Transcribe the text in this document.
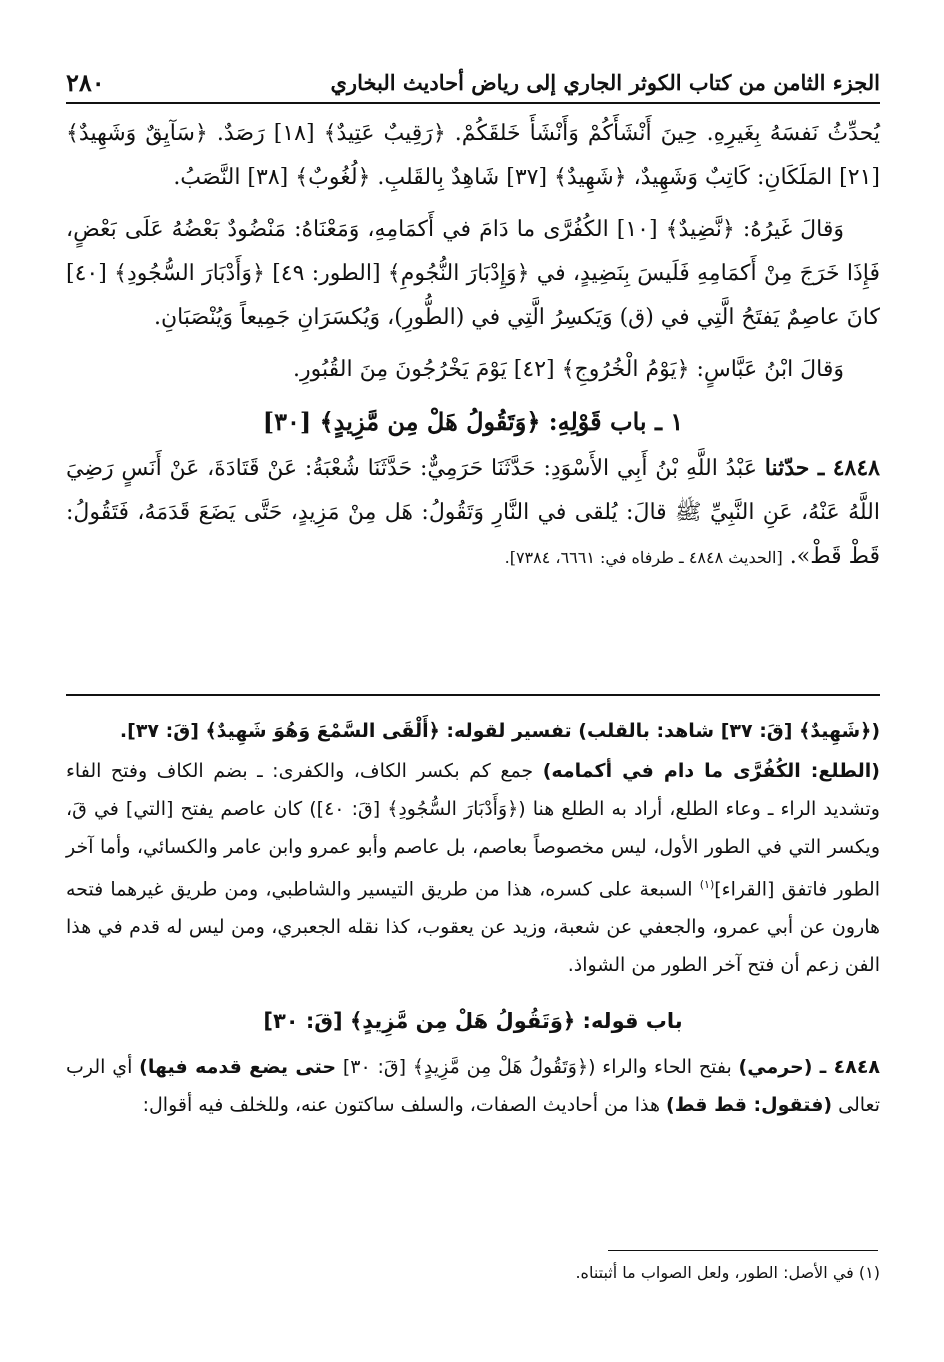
٢٨٠	الجزء الثامن من كتاب الكوثر الجاري إلى رياض أحاديث البخاري

يُحدِّثُ نَفسَهُ بِغَيرِهِ. حِينَ أَنْشَأَكُمْ وَأَنْشَأَ خَلقَكُمْ. ﴿رَقِيبٌ عَتِيدٌ﴾ [١٨] رَصَدٌ. ﴿سَآيِقٌ وَشَهِيدٌ﴾ [٢١] المَلَكَانِ: كَاتِبٌ وَشَهِيدٌ، ﴿شَهِيدٌ﴾ [٣٧] شَاهِدٌ بِالقَلبِ. ﴿لُغُوبٌ﴾ [٣٨] النَّصَبُ.

وَقالَ غَيرُهُ: ﴿نَّضِيدٌ﴾ [١٠] الكُفُرَّى ما دَامَ في أَكمَامِهِ، وَمَعْنَاهُ: مَنْضُودٌ بَعْضُهُ عَلَى بَعْضٍ، فَإِذَا خَرَجَ مِنْ أَكمَامِهِ فَلَيسَ بِنَضِيدٍ، في ﴿وَإِدْبَارَ النُّجُومِ﴾ [الطور: ٤٩] ﴿وَأَدْبَارَ السُّجُودِ﴾ [٤٠] كانَ عاصِمٌ يَفتَحُ الَّتِي في (ق) وَيَكسِرُ الَّتِي في (الطُّورِ)، وَيُكسَرَانِ جَمِيعاً وَيُنْصَبَانِ.

وَقالَ ابْنُ عَبَّاسٍ: ﴿يَوْمُ الْخُرُوجِ﴾ [٤٢] يَوْمَ يَخْرُجُونَ مِنَ القُبُورِ.

١ ـ باب قَوْلِهِ: ﴿وَتَقُولُ هَلْ مِن مَّزِيدٍ﴾ [٣٠]

٤٨٤٨ ـ حدّثنا عَبْدُ اللَّهِ بْنُ أَبِي الأَسْوَدِ: حَدَّثَنَا حَرَمِيٌّ: حَدَّثَنَا شُعْبَةُ: عَنْ قَتَادَةَ، عَنْ أَنَسٍ رَضِيَ اللَّهُ عَنْهُ، عَنِ النَّبِيِّ ﷺ قالَ: يُلقى في النَّارِ وَتَقُولُ: هَل مِنْ مَزِيدٍ، حَتَّى يَضَعَ قَدَمَهُ، فَتَقُولُ: قَطْ قَطْ». [الحديث ٤٨٤٨ ـ طرفاه في: ٦٦٦١، ٧٣٨٤].

(﴿شَهِيدٌ﴾ [قَ: ٣٧] شاهد: بالقلب) تفسير لقوله: ﴿أَلْقَى السَّمْعَ وَهُوَ شَهِيدٌ﴾ [قَ: ٣٧].

(الطلع: الكُفُرَّى ما دام في أكمامه) جمع كم بكسر الكاف، والكفرى: ـ بضم الكاف وفتح الفاء وتشديد الراء ـ وعاء الطلع، أراد به الطلع هنا (﴿وَأَدْبَارَ السُّجُودِ﴾ [قَ: ٤٠]) كان عاصم يفتح [التي] في قَ، ويكسر التي في الطور الأول، ليس مخصوصاً بعاصم، بل عاصم وأبو عمرو وابن عامر والكسائي، وأما آخر الطور فاتفق [القراء]$^{(١)}$ السبعة على كسره، هذا من طريق التيسير والشاطبي، ومن طريق غيرهما فتحه هارون عن أبي عمرو، والجعفي عن شعبة، وزيد عن يعقوب، كذا نقله الجعبري، ومن ليس له قدم في هذا الفن زعم أن فتح آخر الطور من الشواذ.

باب قوله: ﴿وَتَقُولُ هَلْ مِن مَّزِيدٍ﴾ [قَ: ٣٠]

٤٨٤٨ ـ (حرمي) بفتح الحاء والراء (﴿وَتَقُولُ هَلْ مِن مَّزِيدٍ﴾ [قَ: ٣٠] حتى يضع قدمه فيها) أي الرب تعالى (فتقول: قط قط) هذا من أحاديث الصفات، والسلف ساكتون عنه، وللخلف فيه أقوال:

(١) في الأصل: الطور، ولعل الصواب ما أثبتناه.
